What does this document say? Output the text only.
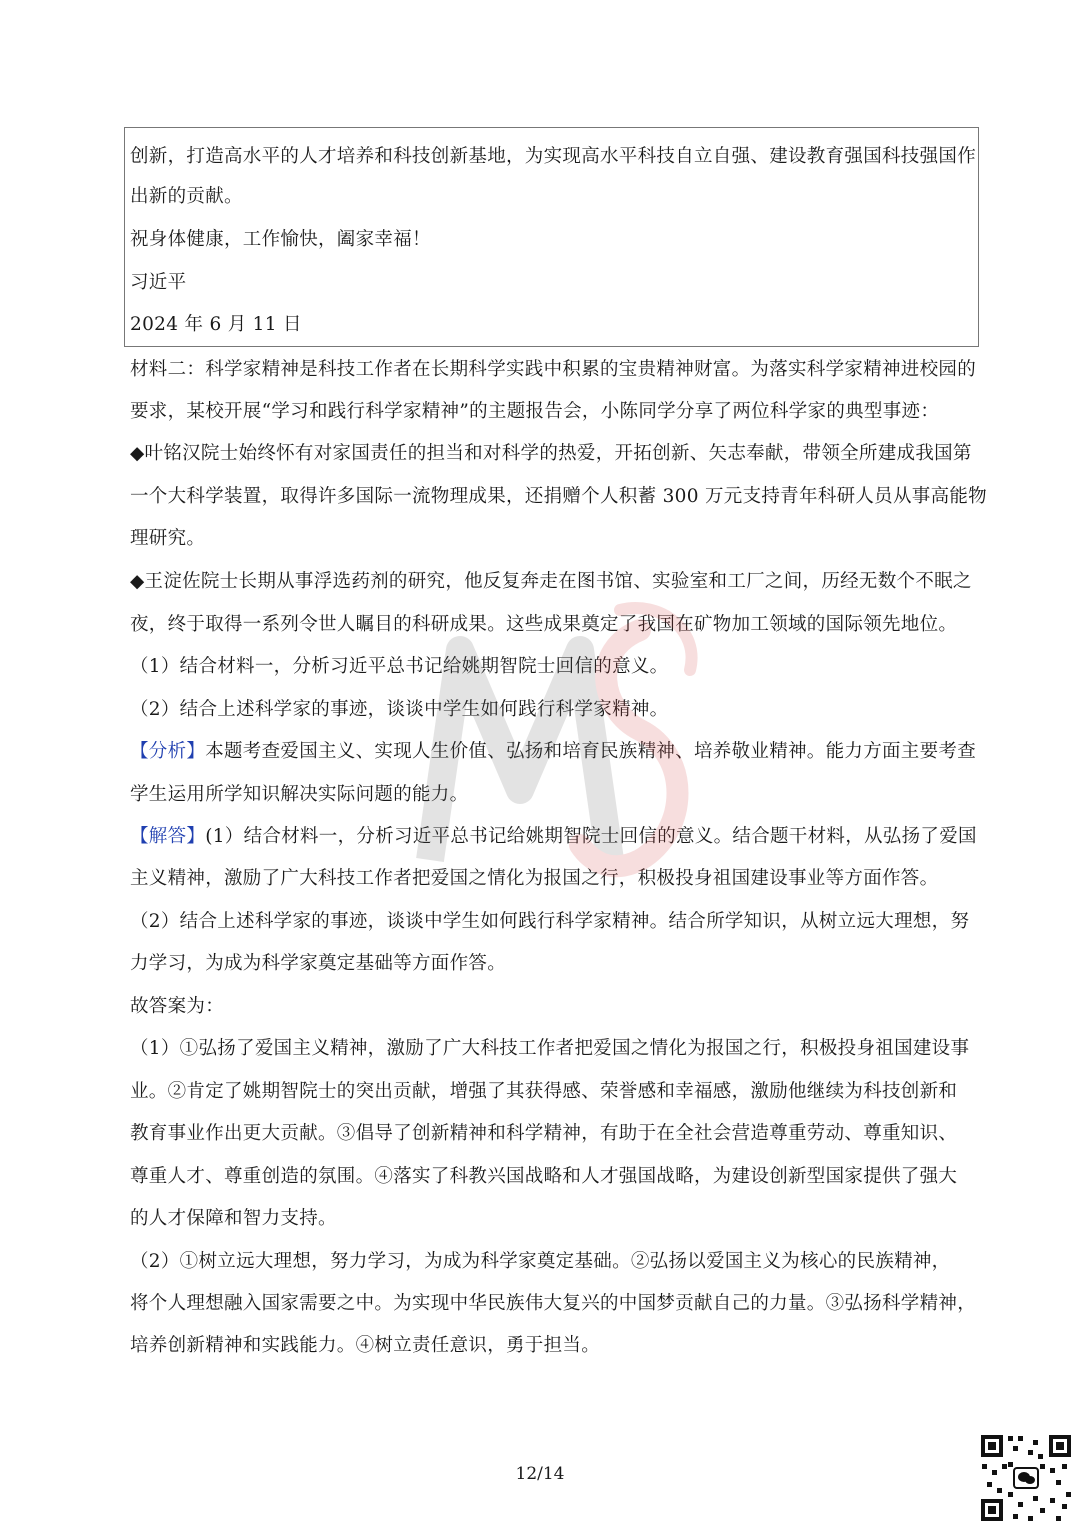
创新，打造高水平的人才培养和科技创新基地，为实现高水平科技自立自强、建设教育强国科技强国作
出新的贡献。
祝身体健康，工作愉快，阖家幸福！
习近平
2024 年 6 月 11 日
材料二：科学家精神是科技工作者在长期科学实践中积累的宝贵精神财富。为落实科学家精神进校园的
要求，某校开展“学习和践行科学家精神”的主题报告会，小陈同学分享了两位科学家的典型事迹：
◆叶铭汉院士始终怀有对家国责任的担当和对科学的热爱，开拓创新、矢志奉献，带领全所建成我国第
一个大科学装置，取得许多国际一流物理成果，还捐赠个人积蓄 300 万元支持青年科研人员从事高能物
理研究。
◆王淀佐院士长期从事浮选药剂的研究，他反复奔走在图书馆、实验室和工厂之间，历经无数个不眠之
夜，终于取得一系列令世人瞩目的科研成果。这些成果奠定了我国在矿物加工领域的国际领先地位。
（1）结合材料一，分析习近平总书记给姚期智院士回信的意义。
（2）结合上述科学家的事迹，谈谈中学生如何践行科学家精神。
【分析】本题考查爱国主义、实现人生价值、弘扬和培育民族精神、培养敬业精神。能力方面主要考查
学生运用所学知识解决实际问题的能力。
【解答】(1）结合材料一，分析习近平总书记给姚期智院士回信的意义。结合题干材料，从弘扬了爱国
主义精神，激励了广大科技工作者把爱国之情化为报国之行，积极投身祖国建设事业等方面作答。
（2）结合上述科学家的事迹，谈谈中学生如何践行科学家精神。结合所学知识，从树立远大理想，努
力学习，为成为科学家奠定基础等方面作答。
故答案为：
（1）①弘扬了爱国主义精神，激励了广大科技工作者把爱国之情化为报国之行，积极投身祖国建设事
业。②肯定了姚期智院士的突出贡献，增强了其获得感、荣誉感和幸福感，激励他继续为科技创新和
教育事业作出更大贡献。③倡导了创新精神和科学精神，有助于在全社会营造尊重劳动、尊重知识、
尊重人才、尊重创造的氛围。④落实了科教兴国战略和人才强国战略，为建设创新型国家提供了强大
的人才保障和智力支持。
（2）①树立远大理想，努力学习，为成为科学家奠定基础。②弘扬以爱国主义为核心的民族精神，
将个人理想融入国家需要之中。为实现中华民族伟大复兴的中国梦贡献自己的力量。③弘扬科学精神，
培养创新精神和实践能力。④树立责任意识，勇于担当。
12/14
